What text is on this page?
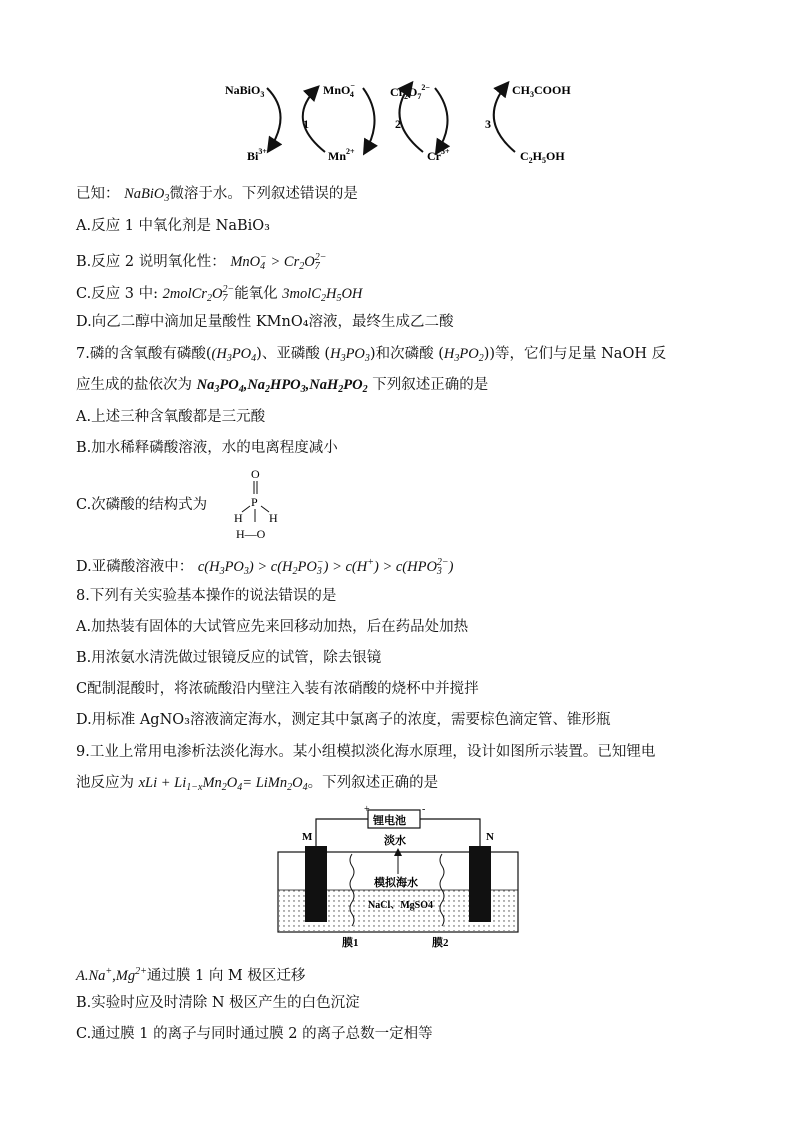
NaBiO$_3$
$Bi^{3+}$
MnO− 4
$Mn^{2+}$
$Cr_2O_7^{2-}$
$Cr^{3+}$
$CH_3COOH$
$C_2H_5OH$
1	2	3
已知： NaBiO$_3$微溶于水。下列叙述错误的是
A.反应 1 中氧化剂是 NaBiO₃
B.反应 2 说明氧化性： $MnO_4^- > Cr_2O_7^{2-}$
C.反应 3 中: $2molCr_2O_7^{2-}$能氧化 $3molC_2H_5OH$
D.向乙二醇中滴加足量酸性 KMnO₄溶液，最终生成乙二酸
7.磷的含氧酸有磷酸($(H_3PO_4)$、亚磷酸 $(H_3PO_3)$和次磷酸 $(H_3PO_2)$)等，它们与足量 NaOH 反
应生成的盐依次为 $Na_3PO_4,Na_2HPO_3,NaH_2PO_2$ 下列叙述正确的是
A.上述三种含氧酸都是三元酸
B.加水稀释磷酸溶液，水的电离程度减小
C.次磷酸的结构式为
O
P
H H
H—O
D.亚磷酸溶液中： $c(H_3PO_3) > c(H_2PO_3^-) > c(H^+) > c(HPO_3^{2-})$
8.下列有关实验基本操作的说法错误的是
A.加热装有固体的大试管应先来回移动加热，后在药品处加热
B.用浓氨水清洗做过银镜反应的试管，除去银镜
C配制混酸时，将浓硫酸沿内壁注入装有浓硝酸的烧杯中并搅拌
D.用标准 AgNO₃溶液滴定海水，测定其中氯离子的浓度，需要棕色滴定管、锥形瓶
9.工业上常用电渗析法淡化海水。某小组模拟淡化海水原理，设计如图所示装置。已知锂电
池反应为 xLi + $Li_{1-x}Mn_2O_4=$ $LiMn_2O_4$。下列叙述正确的是
锂电池
+	-
M	N
淡水
模拟海水
NaCl、MgSO4
膜1	膜2
$A.Na^+,Mg^{2+}$通过膜 1 向 M 极区迁移
B.实验时应及时清除 N 极区产生的白色沉淀
C.通过膜 1 的离子与同时通过膜 2 的离子总数一定相等
